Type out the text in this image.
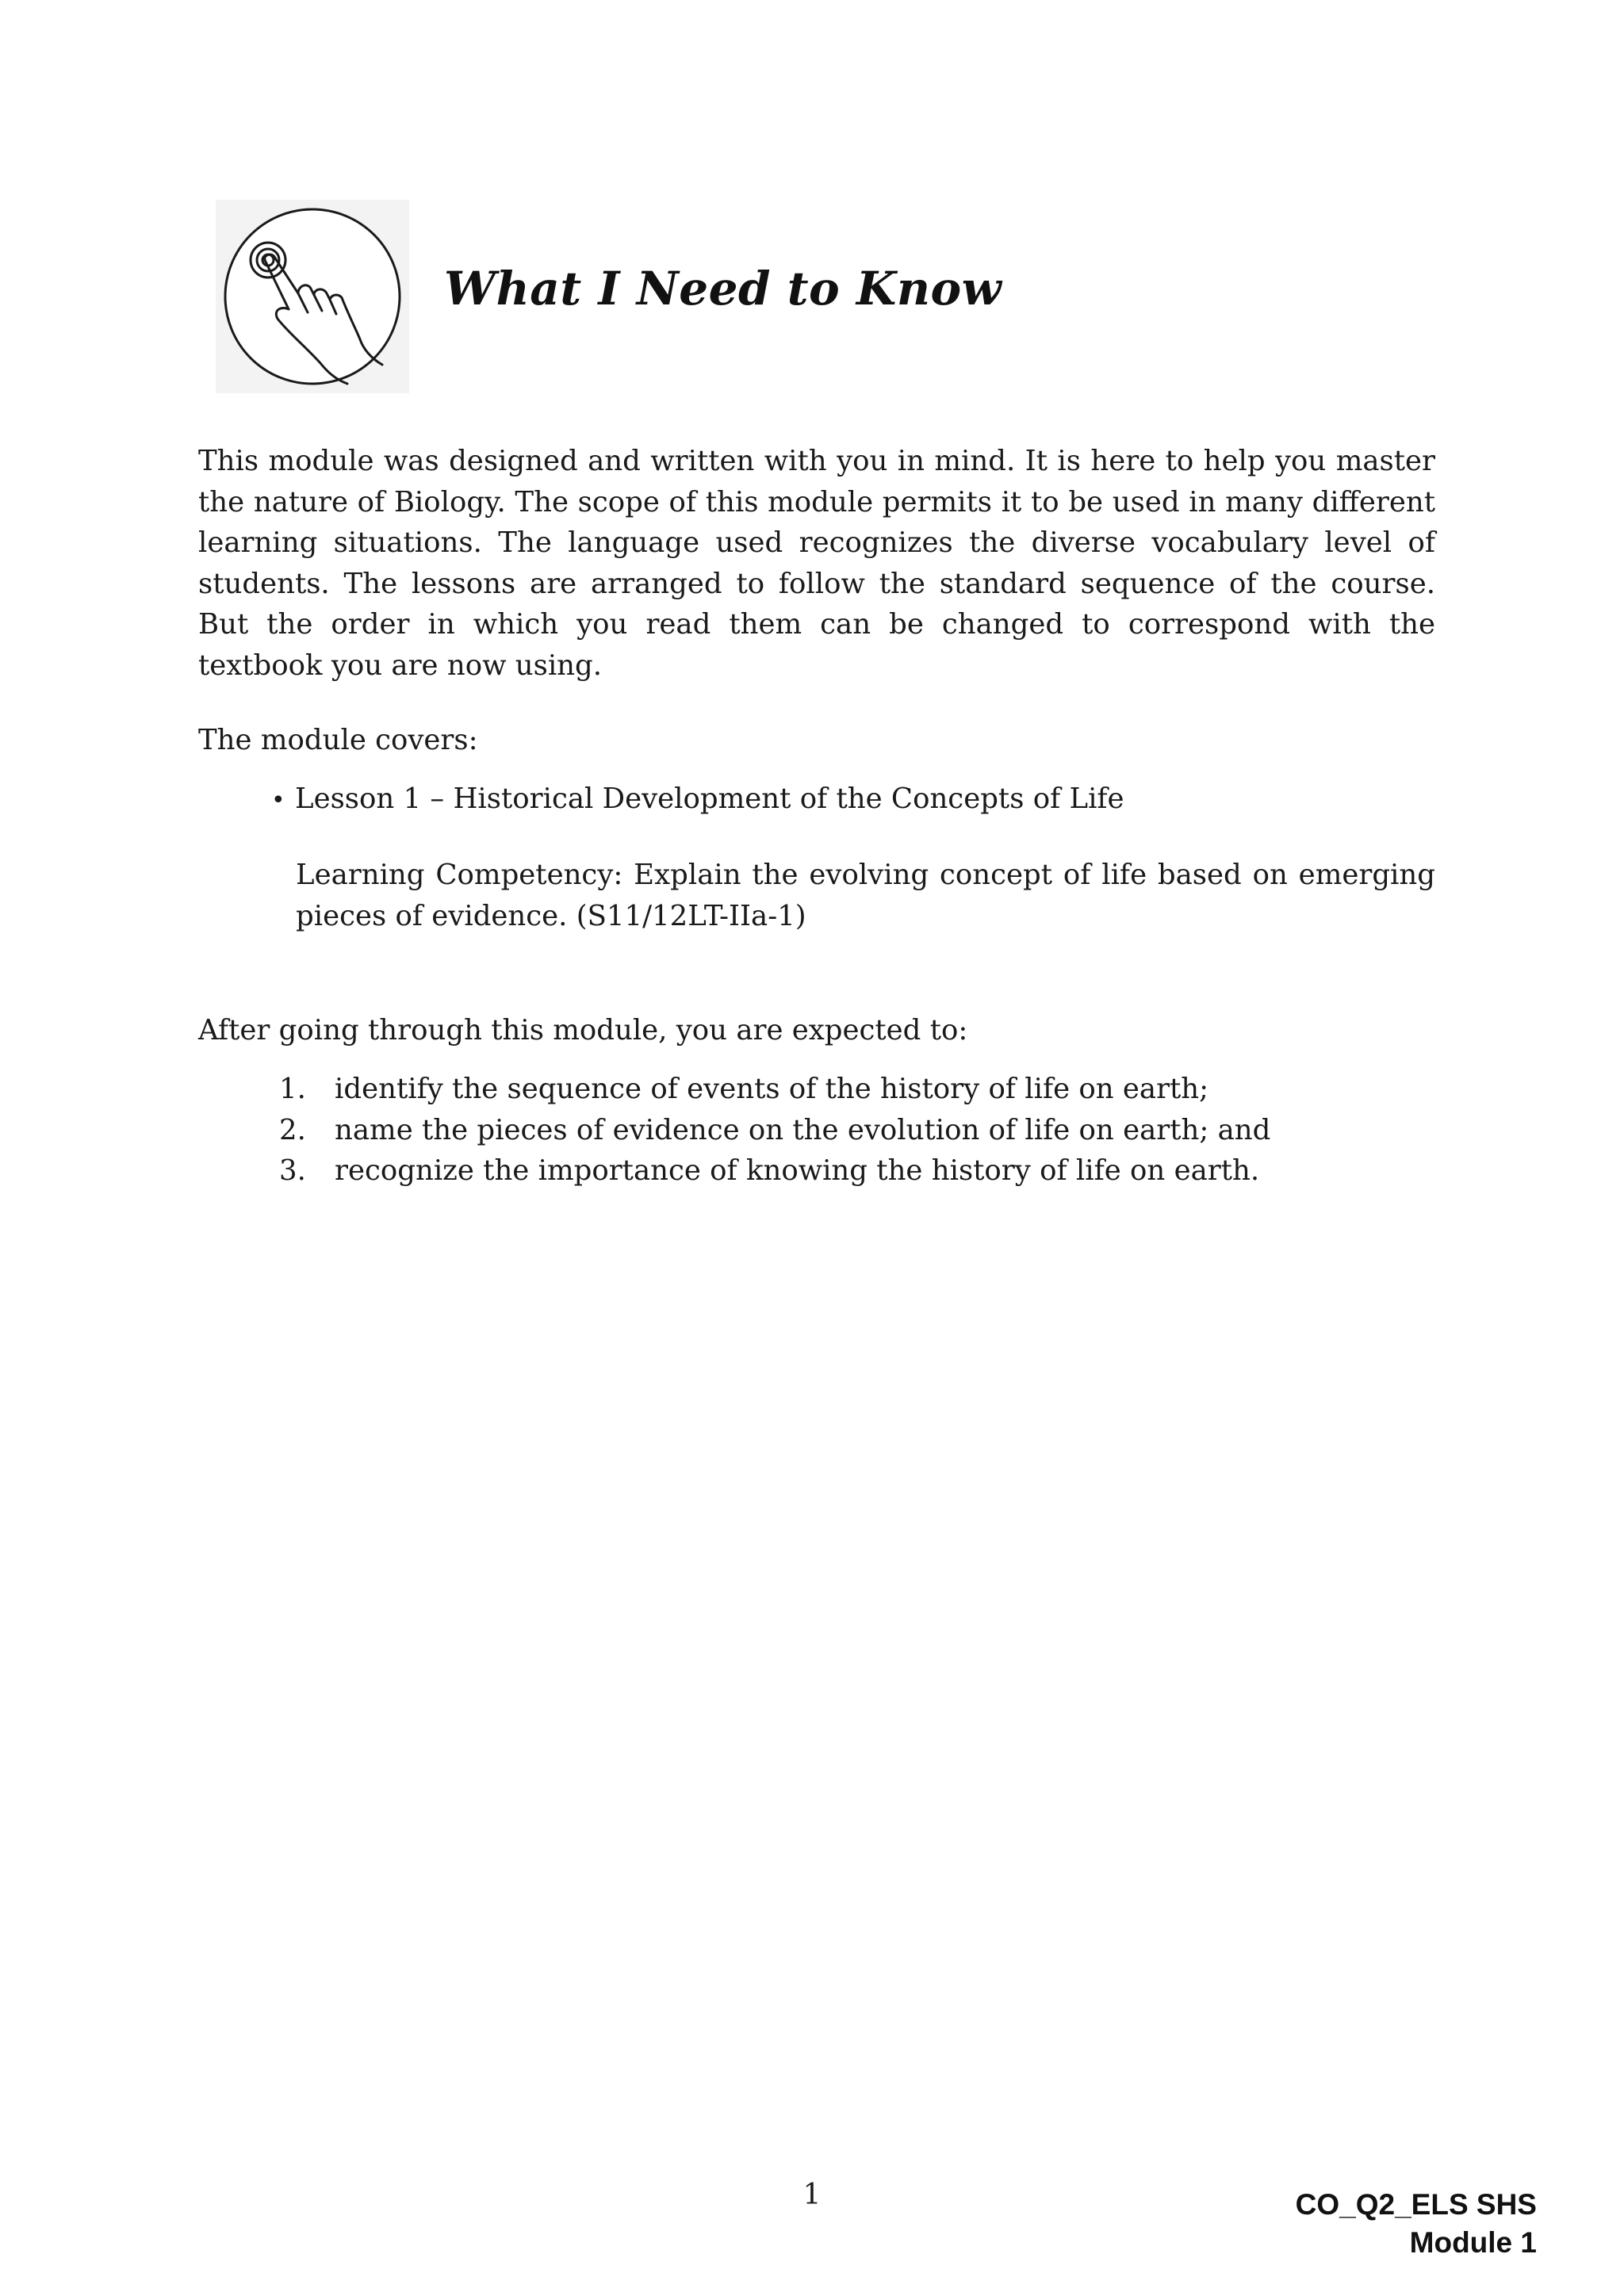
What I Need to Know
This module was designed and written with you in mind. It is here to help you master
the nature of Biology. The scope of this module permits it to be used in many different
learning situations. The language used recognizes the diverse vocabulary level of
students. The lessons are arranged to follow the standard sequence of the course.
But the order in which you read them can be changed to correspond with the
textbook you are now using.
The module covers:
• Lesson 1 – Historical Development of the Concepts of Life
Learning Competency: Explain the evolving concept of life based on emerging
pieces of evidence. (S11/12LT-IIa-1)
After going through this module, you are expected to:
1.	identify the sequence of events of the history of life on earth;
2.	name the pieces of evidence on the evolution of life on earth; and
3.	recognize the importance of knowing the history of life on earth.
1	CO_Q2_ELS SHS
Module 1
